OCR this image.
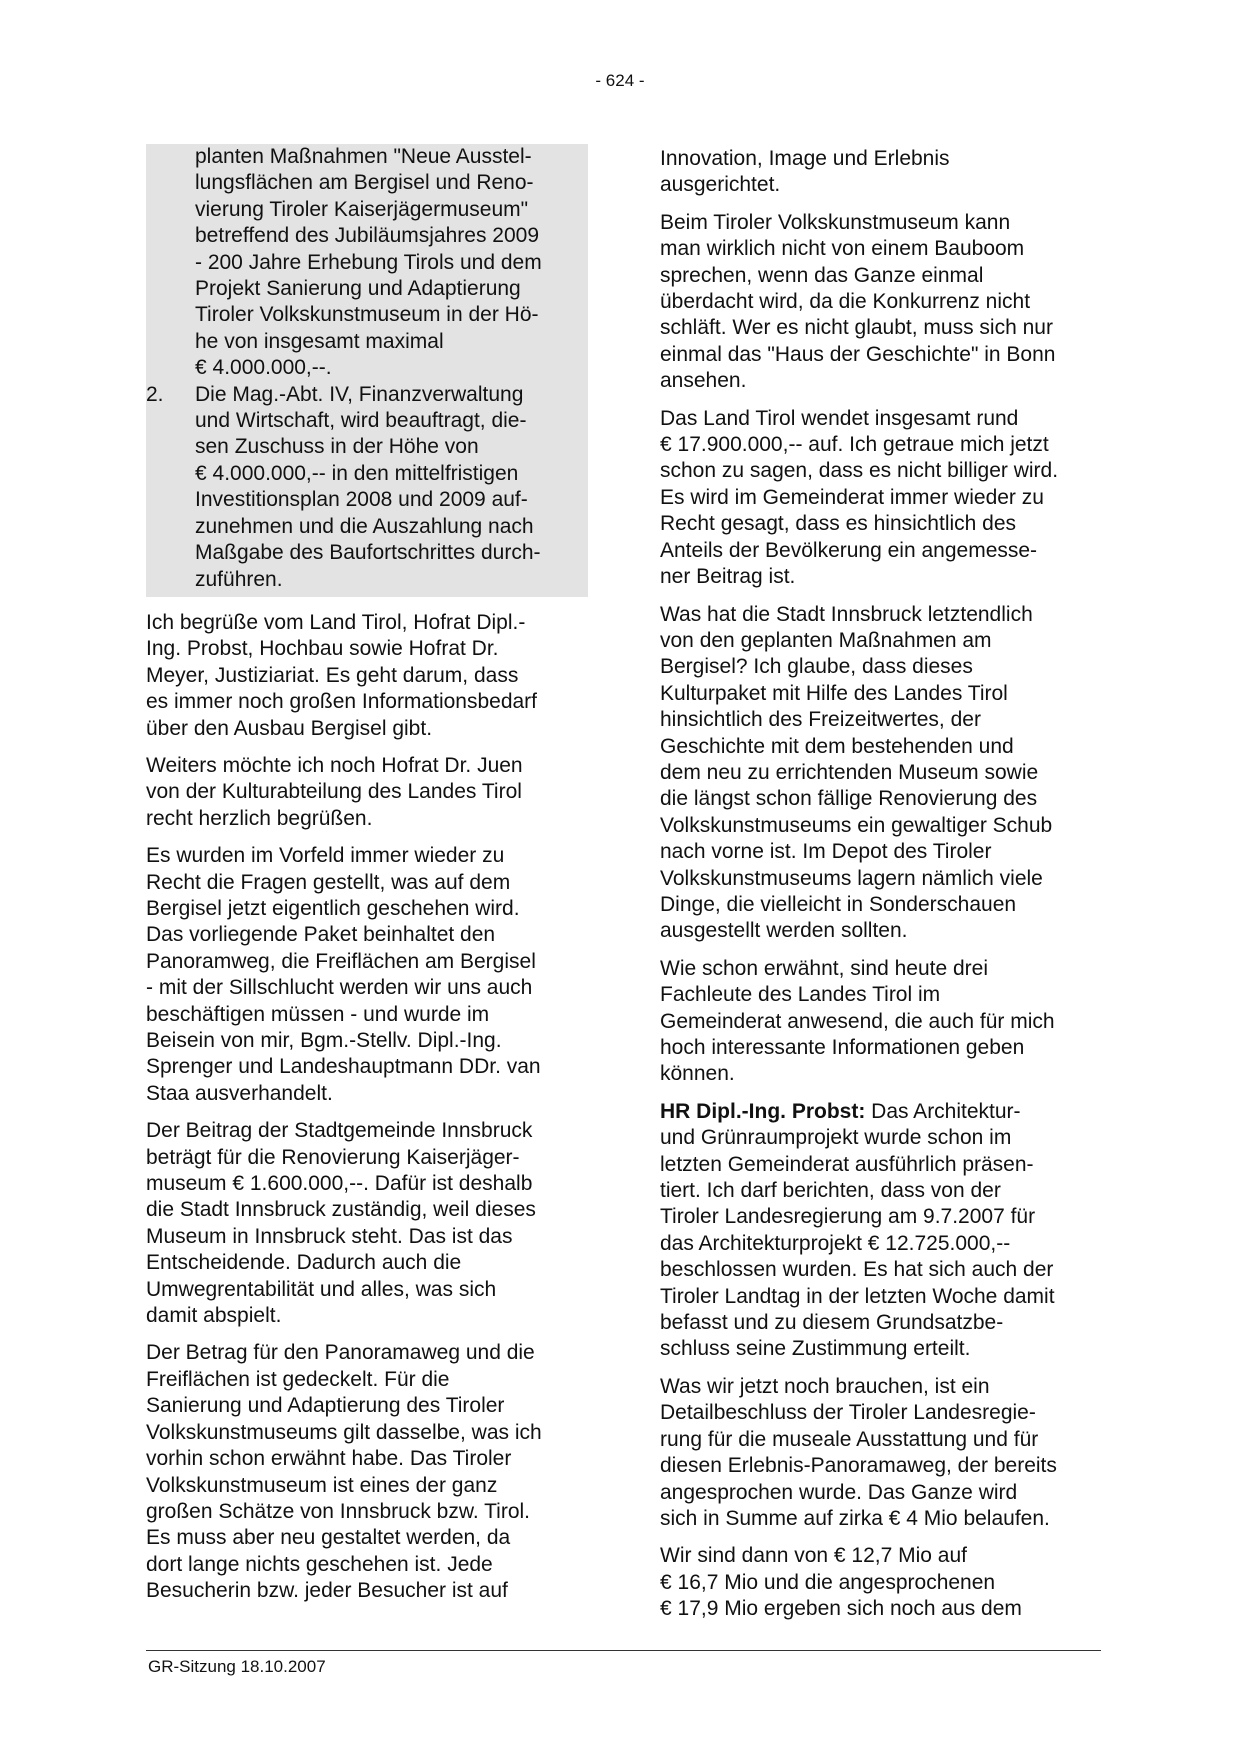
- 624 -
planten Maßnahmen "Neue Ausstel-
lungsflächen am Bergisel und Reno-
vierung Tiroler Kaiserjägermuseum"
betreffend des Jubiläumsjahres 2009
- 200 Jahre Erhebung Tirols und dem
Projekt Sanierung und Adaptierung
Tiroler Volkskunstmuseum in der Hö-
he von insgesamt maximal
€ 4.000.000,--.

2.	Die Mag.-Abt. IV, Finanzverwaltung
und Wirtschaft, wird beauftragt, die-
sen Zuschuss in der Höhe von
€ 4.000.000,-- in den mittelfristigen
Investitionsplan 2008 und 2009 auf-
zunehmen und die Auszahlung nach
Maßgabe des Baufortschrittes durch-
zuführen.

Ich begrüße vom Land Tirol, Hofrat Dipl.-
Ing. Probst, Hochbau sowie Hofrat Dr.
Meyer, Justiziariat. Es geht darum, dass
es immer noch großen Informationsbedarf
über den Ausbau Bergisel gibt.

Weiters möchte ich noch Hofrat Dr. Juen
von der Kulturabteilung des Landes Tirol
recht herzlich begrüßen.

Es wurden im Vorfeld immer wieder zu
Recht die Fragen gestellt, was auf dem
Bergisel jetzt eigentlich geschehen wird.
Das vorliegende Paket beinhaltet den
Panoramweg, die Freiflächen am Bergisel
- mit der Sillschlucht werden wir uns auch
beschäftigen müssen - und wurde im
Beisein von mir, Bgm.-Stellv. Dipl.-Ing.
Sprenger und Landeshauptmann DDr. van
Staa ausverhandelt.

Der Beitrag der Stadtgemeinde Innsbruck
beträgt für die Renovierung Kaiserjäger-
museum € 1.600.000,--. Dafür ist deshalb
die Stadt Innsbruck zuständig, weil dieses
Museum in Innsbruck steht. Das ist das
Entscheidende. Dadurch auch die
Umwegrentabilität und alles, was sich
damit abspielt.

Der Betrag für den Panoramaweg und die
Freiflächen ist gedeckelt. Für die
Sanierung und Adaptierung des Tiroler
Volkskunstmuseums gilt dasselbe, was ich
vorhin schon erwähnt habe. Das Tiroler
Volkskunstmuseum ist eines der ganz
großen Schätze von Innsbruck bzw. Tirol.
Es muss aber neu gestaltet werden, da
dort lange nichts geschehen ist. Jede
Besucherin bzw. jeder Besucher ist auf

Innovation, Image und Erlebnis
ausgerichtet.

Beim Tiroler Volkskunstmuseum kann
man wirklich nicht von einem Bauboom
sprechen, wenn das Ganze einmal
überdacht wird, da die Konkurrenz nicht
schläft. Wer es nicht glaubt, muss sich nur
einmal das "Haus der Geschichte" in Bonn
ansehen.

Das Land Tirol wendet insgesamt rund
€ 17.900.000,-- auf. Ich getraue mich jetzt
schon zu sagen, dass es nicht billiger wird.
Es wird im Gemeinderat immer wieder zu
Recht gesagt, dass es hinsichtlich des
Anteils der Bevölkerung ein angemesse-
ner Beitrag ist.

Was hat die Stadt Innsbruck letztendlich
von den geplanten Maßnahmen am
Bergisel? Ich glaube, dass dieses
Kulturpaket mit Hilfe des Landes Tirol
hinsichtlich des Freizeitwertes, der
Geschichte mit dem bestehenden und
dem neu zu errichtenden Museum sowie
die längst schon fällige Renovierung des
Volkskunstmuseums ein gewaltiger Schub
nach vorne ist. Im Depot des Tiroler
Volkskunstmuseums lagern nämlich viele
Dinge, die vielleicht in Sonderschauen
ausgestellt werden sollten.

Wie schon erwähnt, sind heute drei
Fachleute des Landes Tirol im
Gemeinderat anwesend, die auch für mich
hoch interessante Informationen geben
können.

HR Dipl.-Ing. Probst: Das Architektur-
und Grünraumprojekt wurde schon im
letzten Gemeinderat ausführlich präsen-
tiert. Ich darf berichten, dass von der
Tiroler Landesregierung am 9.7.2007 für
das Architekturprojekt € 12.725.000,--
beschlossen wurden. Es hat sich auch der
Tiroler Landtag in der letzten Woche damit
befasst und zu diesem Grundsatzbe-
schluss seine Zustimmung erteilt.

Was wir jetzt noch brauchen, ist ein
Detailbeschluss der Tiroler Landesregie-
rung für die museale Ausstattung und für
diesen Erlebnis-Panoramaweg, der bereits
angesprochen wurde. Das Ganze wird
sich in Summe auf zirka € 4 Mio belaufen.

Wir sind dann von € 12,7 Mio auf
€ 16,7 Mio und die angesprochenen
€ 17,9 Mio ergeben sich noch aus dem

GR-Sitzung 18.10.2007
